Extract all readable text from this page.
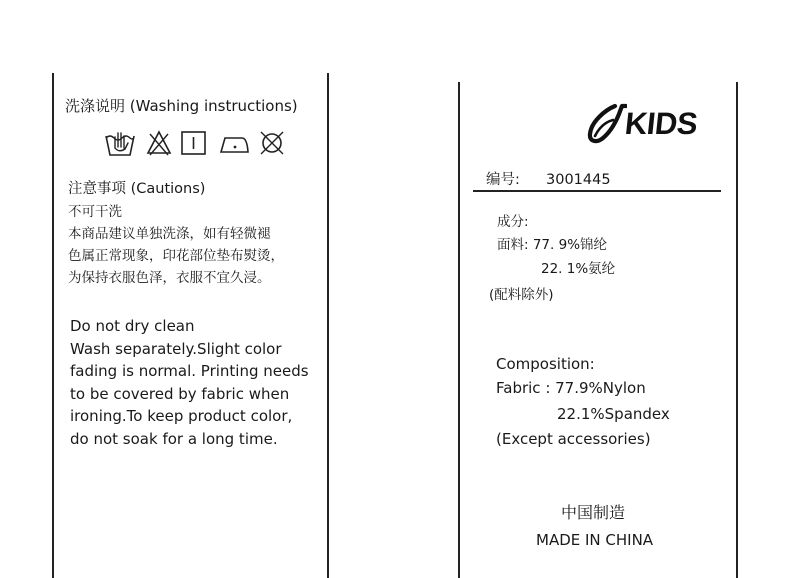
洗涤说明 (Washing instructions)
注意事项 (Cautions)
不可干洗
本商品建议单独洗涤，如有轻微褪
色属正常现象，印花部位垫布熨烫，
为保持衣服色泽，衣服不宜久浸。
Do not dry clean
Wash separately.Slight color
fading is normal. Printing needs
to be covered by fabric when
ironing.To keep product color,
do not soak for a long time.
KIDS
编号: 3001445
成分:
面料: 77. 9%锦纶
22. 1%氨纶
(配料除外)
Composition:
Fabric : 77.9%Nylon
22.1%Spandex
(Except accessories)
中国制造
MADE IN CHINA
